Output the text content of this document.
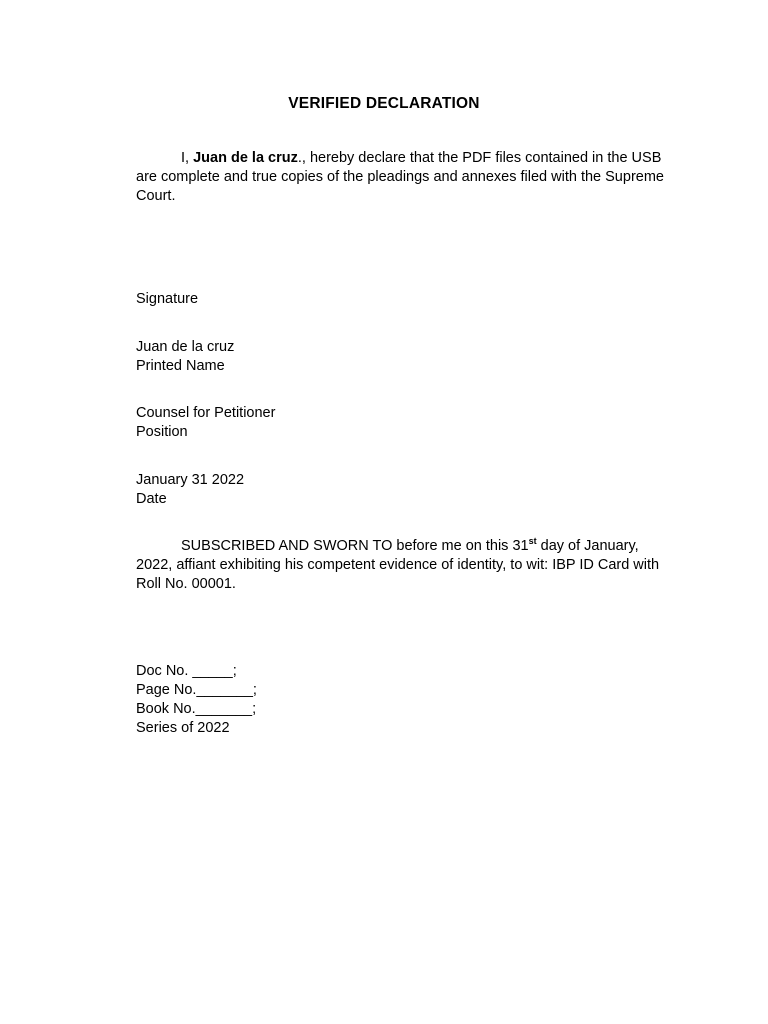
VERIFIED DECLARATION

I, Juan de la cruz., hereby declare that the PDF files contained in the USB are complete and true copies of the pleadings and annexes filed with the Supreme Court.

Signature
Juan de la cruz
Printed Name
Counsel for Petitioner
Position
January 31 2022
Date

SUBSCRIBED AND SWORN TO before me on this 31st day of January, 2022, affiant exhibiting his competent evidence of identity, to wit: IBP ID Card with Roll No. 00001.

Doc No. _____;
Page No._______;
Book No._______;
Series of 2022
